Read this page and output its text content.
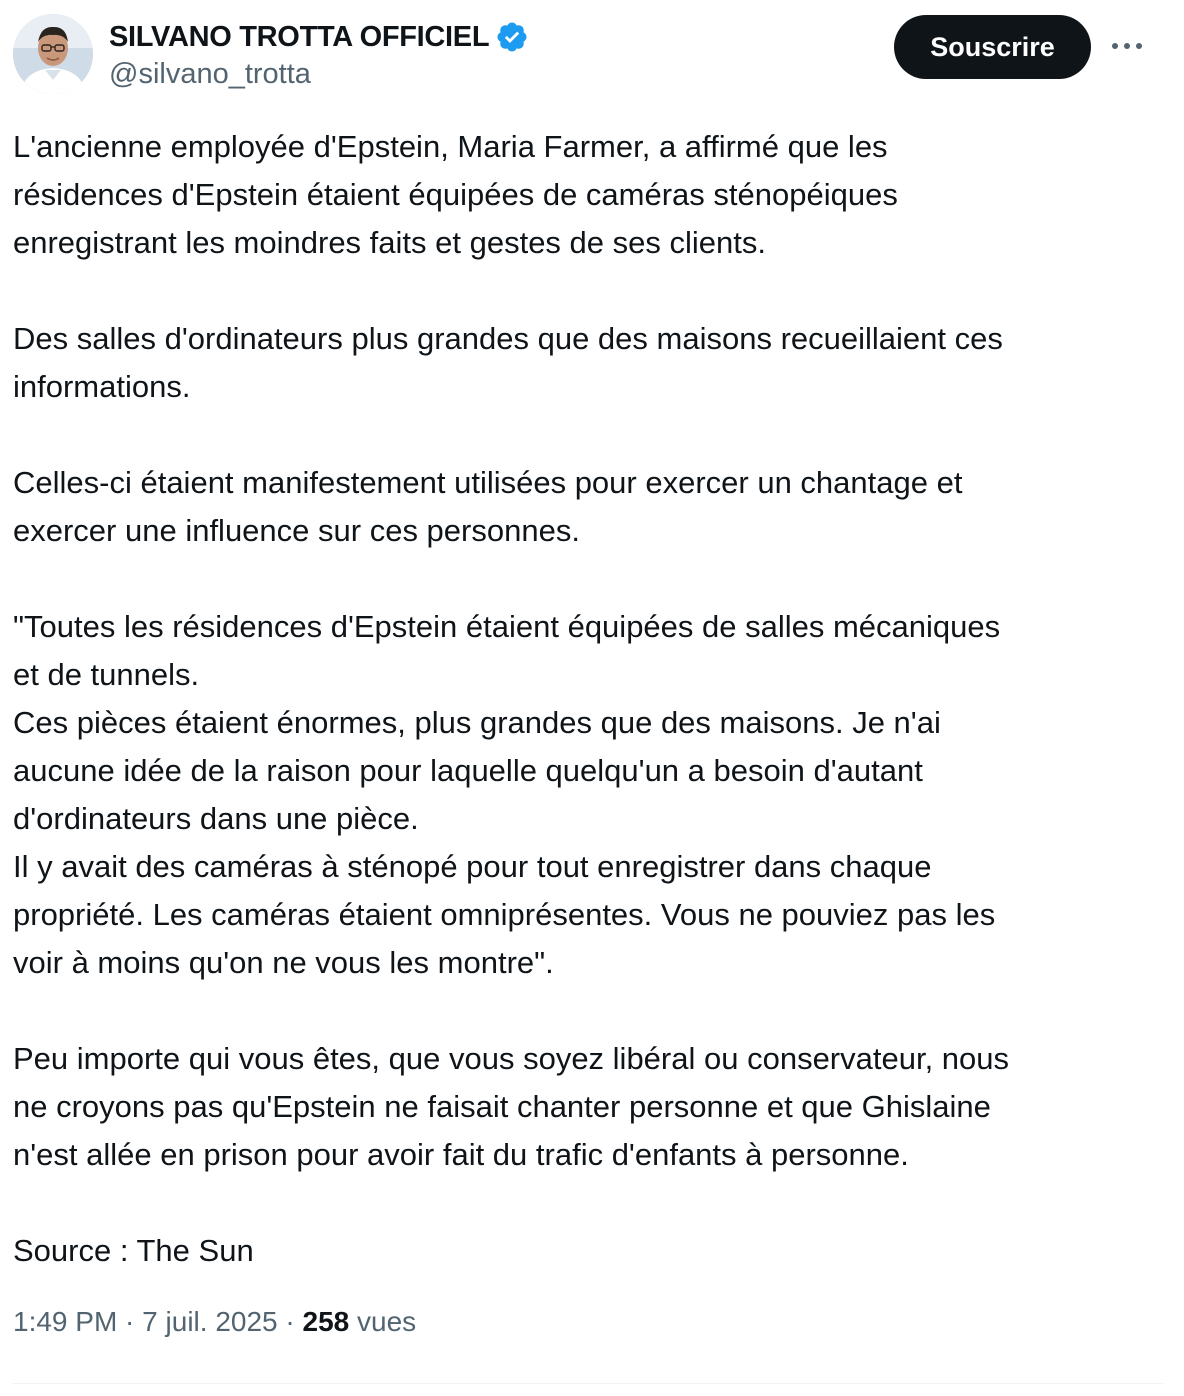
SILVANO TROTTA OFFICIEL
@silvano_trotta
Souscrire

L'ancienne employée d'Epstein, Maria Farmer, a affirmé que les
résidences d'Epstein étaient équipées de caméras sténopéiques
enregistrant les moindres faits et gestes de ses clients.

Des salles d'ordinateurs plus grandes que des maisons recueillaient ces
informations.

Celles-ci étaient manifestement utilisées pour exercer un chantage et
exercer une influence sur ces personnes.

"Toutes les résidences d'Epstein étaient équipées de salles mécaniques
et de tunnels.
Ces pièces étaient énormes, plus grandes que des maisons. Je n'ai
aucune idée de la raison pour laquelle quelqu'un a besoin d'autant
d'ordinateurs dans une pièce.
Il y avait des caméras à sténopé pour tout enregistrer dans chaque
propriété. Les caméras étaient omniprésentes. Vous ne pouviez pas les
voir à moins qu'on ne vous les montre".

Peu importe qui vous êtes, que vous soyez libéral ou conservateur, nous
ne croyons pas qu'Epstein ne faisait chanter personne et que Ghislaine
n'est allée en prison pour avoir fait du trafic d'enfants à personne.

Source : The Sun

1:49 PM · 7 juil. 2025 · 258 vues
